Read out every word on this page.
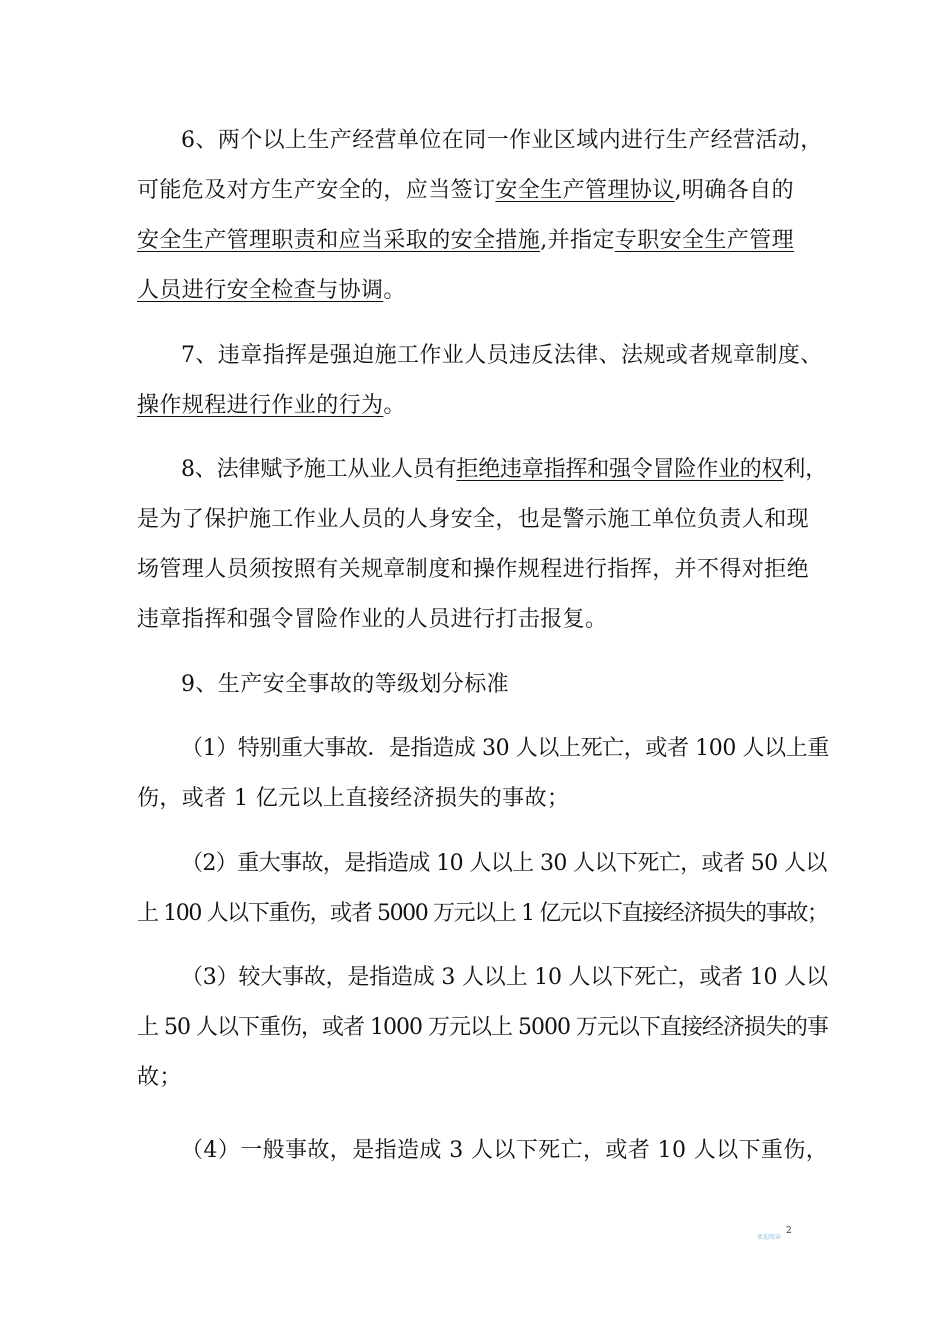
6、两个以上生产经营单位在同一作业区域内进行生产经营活动，
可能危及对方生产安全的，应当签订安全生产管理协议,明确各自的
安全生产管理职责和应当采取的安全措施,并指定专职安全生产管理
人员进行安全检查与协调。
7、违章指挥是强迫施工作业人员违反法律、法规或者规章制度、
操作规程进行作业的行为。
8、法律赋予施工从业人员有拒绝违章指挥和强令冒险作业的权利，
是为了保护施工作业人员的人身安全，也是警示施工单位负责人和现
场管理人员须按照有关规章制度和操作规程进行指挥，并不得对拒绝
违章指挥和强令冒险作业的人员进行打击报复。
9、生产安全事故的等级划分标准
（1）特别重大事故．是指造成 30 人以上死亡，或者 100 人以上重
伤，或者 1 亿元以上直接经济损失的事故；
（2）重大事故，是指造成 10 人以上 30 人以下死亡，或者 50 人以
上 100 人以下重伤，或者 5000 万元以上 1 亿元以下直接经济损失的事故；
（3）较大事故，是指造成 3 人以上 10 人以下死亡，或者 10 人以
上 50 人以下重伤，或者 1000 万元以上 5000 万元以下直接经济损失的事
故；
（4）一般事故，是指造成 3 人以下死亡，或者 10 人以下重伤，
欢迎阅读
2
